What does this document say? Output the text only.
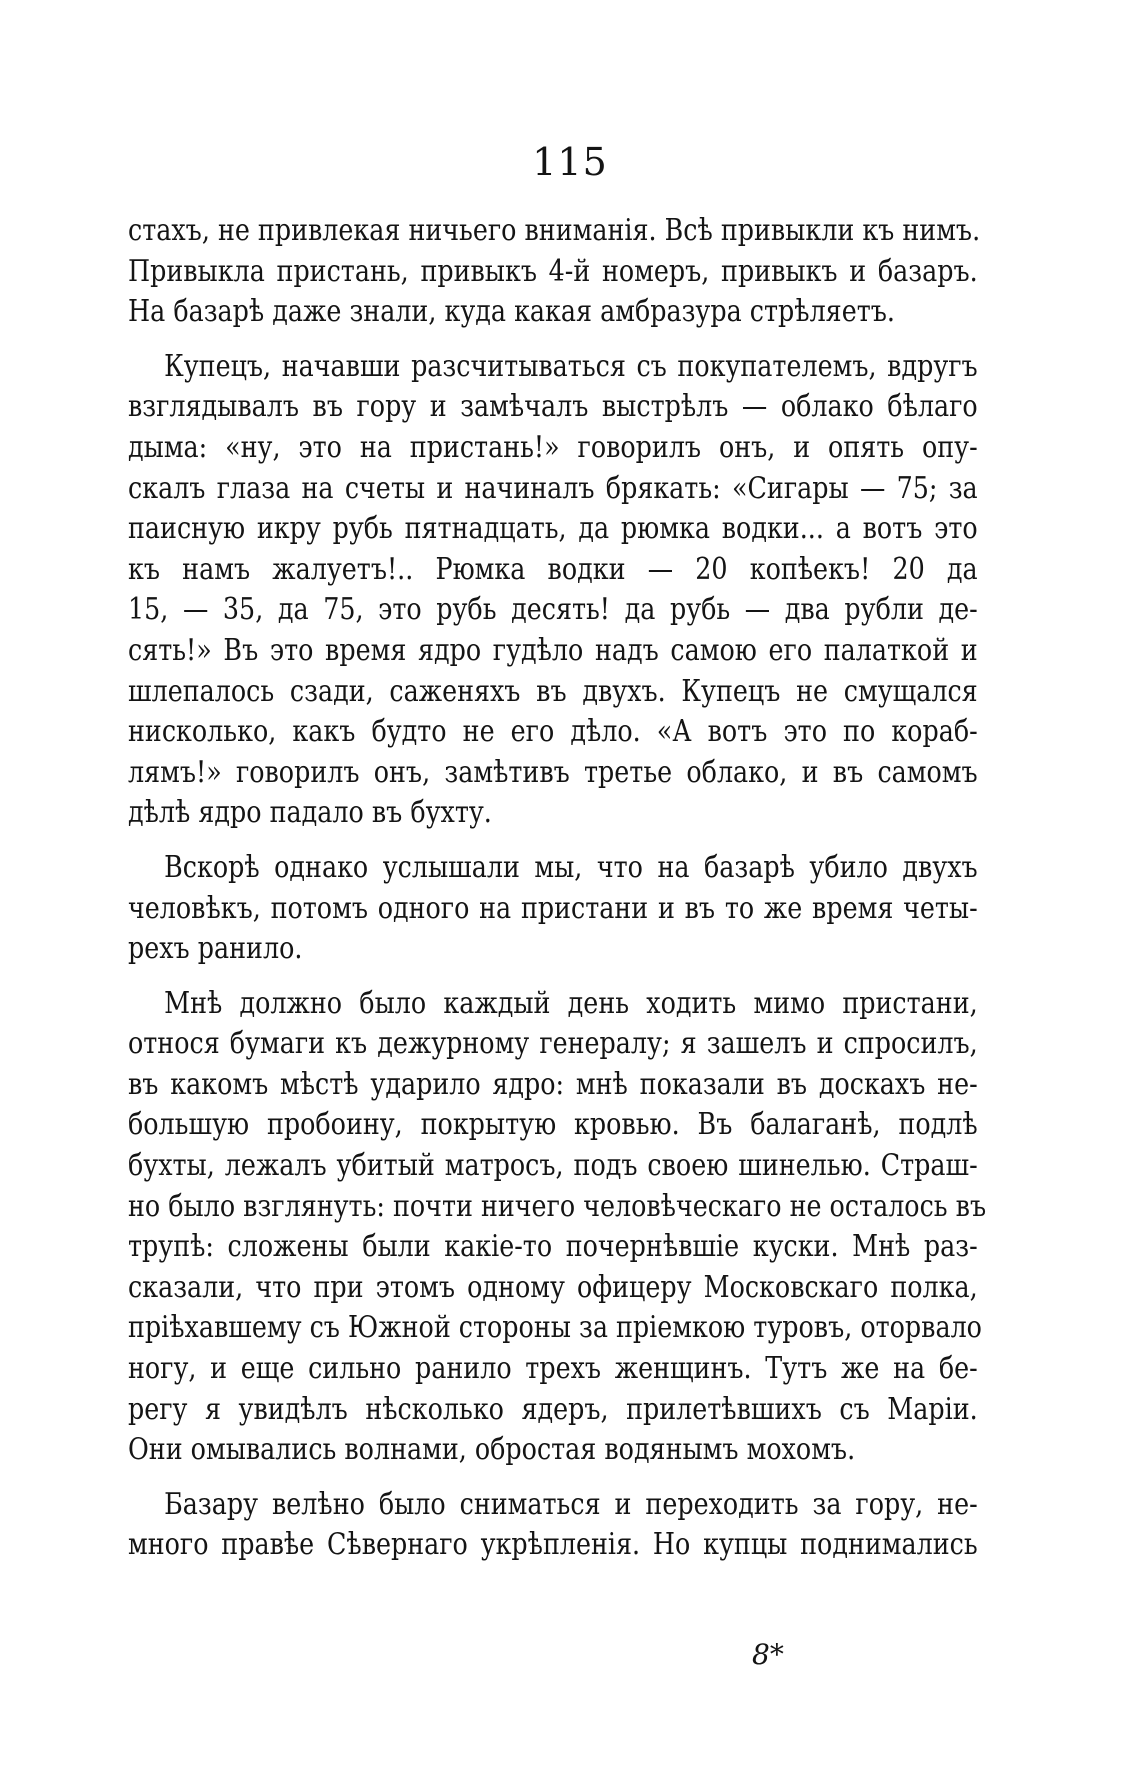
115

стахъ, не привлекая ничьего вниманія. Всѣ привыкли къ нимъ.
Привыкла пристань, привыкъ 4-й номеръ, привыкъ и базаръ.
На базарѣ даже знали, куда какая амбразура стрѣляетъ.

Купецъ, начавши разсчитываться съ покупателемъ, вдругъ
взглядывалъ въ гору и замѣчалъ выстрѣлъ — облако бѣлаго
дыма: «ну, это на пристань!» говорилъ онъ, и опять опу-
скалъ глаза на счеты и начиналъ брякать: «Сигары — 75; за
паисную икру рубь пятнадцать, да рюмка водки... а вотъ это
къ намъ жалуетъ!.. Рюмка водки — 20 копѣекъ! 20 да
15, — 35, да 75, это рубь десять! да рубь — два рубли де-
сять!» Въ это время ядро гудѣло надъ самою его палаткой и
шлепалось сзади, саженяхъ въ двухъ. Купецъ не смущался
нисколько, какъ будто не его дѣло. «А вотъ это по кораб-
лямъ!» говорилъ онъ, замѣтивъ третье облако, и въ самомъ
дѣлѣ ядро падало въ бухту.

Вскорѣ однако услышали мы, что на базарѣ убило двухъ
человѣкъ, потомъ одного на пристани и въ то же время четы-
рехъ ранило.

Мнѣ должно было каждый день ходить мимо пристани,
относя бумаги къ дежурному генералу; я зашелъ и спросилъ,
въ какомъ мѣстѣ ударило ядро: мнѣ показали въ доскахъ не-
большую пробоину, покрытую кровью. Въ балаганѣ, подлѣ
бухты, лежалъ убитый матросъ, подъ своею шинелью. Страш-
но было взглянуть: почти ничего человѣческаго не осталось въ
трупѣ: сложены были какіе-то почернѣвшіе куски. Мнѣ раз-
сказали, что при этомъ одному офицеру Московскаго полка,
пріѣхавшему съ Южной стороны за пріемкою туровъ, оторвало
ногу, и еще сильно ранило трехъ женщинъ. Тутъ же на бе-
регу я увидѣлъ нѣсколько ядеръ, прилетѣвшихъ съ Маріи.
Они омывались волнами, обростая водянымъ мохомъ.

Базару велѣно было сниматься и переходить за гору, не-
много правѣе Сѣвернаго укрѣпленія. Но купцы поднимались

8*
